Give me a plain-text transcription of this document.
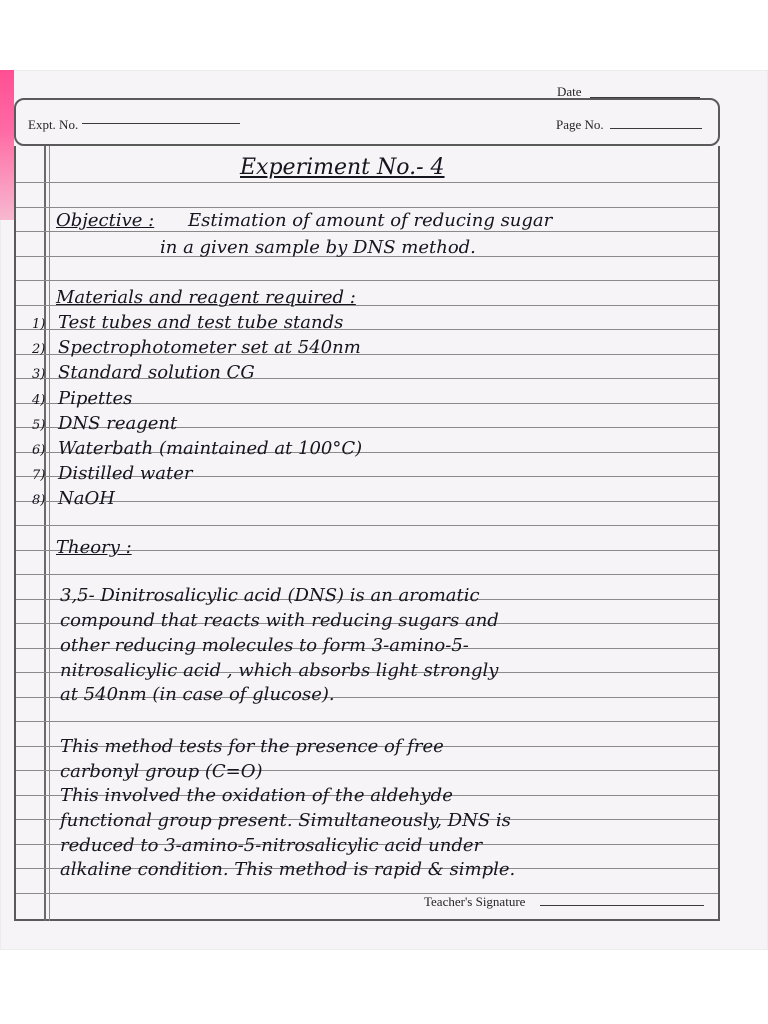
Date
Expt. No.	Page No.
Experiment No.- 4
Objective : Estimation of amount of reducing sugar
in a given sample by DNS method.
Materials and reagent required :
1) Test tubes and test tube stands
2) Spectrophotometer set at 540nm
3) Standard solution CG
4) Pipettes
5) DNS reagent
6) Waterbath (maintained at 100°C)
7) Distilled water
8) NaOH
Theory :
3,5- Dinitrosalicylic acid (DNS) is an aromatic
compound that reacts with reducing sugars and
other reducing molecules to form 3-amino-5-
nitrosalicylic acid , which absorbs light strongly
at 540nm (in case of glucose).
This method tests for the presence of free
carbonyl group (C=O)
This involved the oxidation of the aldehyde
functional group present. Simultaneously, DNS is
reduced to 3-amino-5-nitrosalicylic acid under
alkaline condition. This method is rapid & simple.
Teacher's Signature
